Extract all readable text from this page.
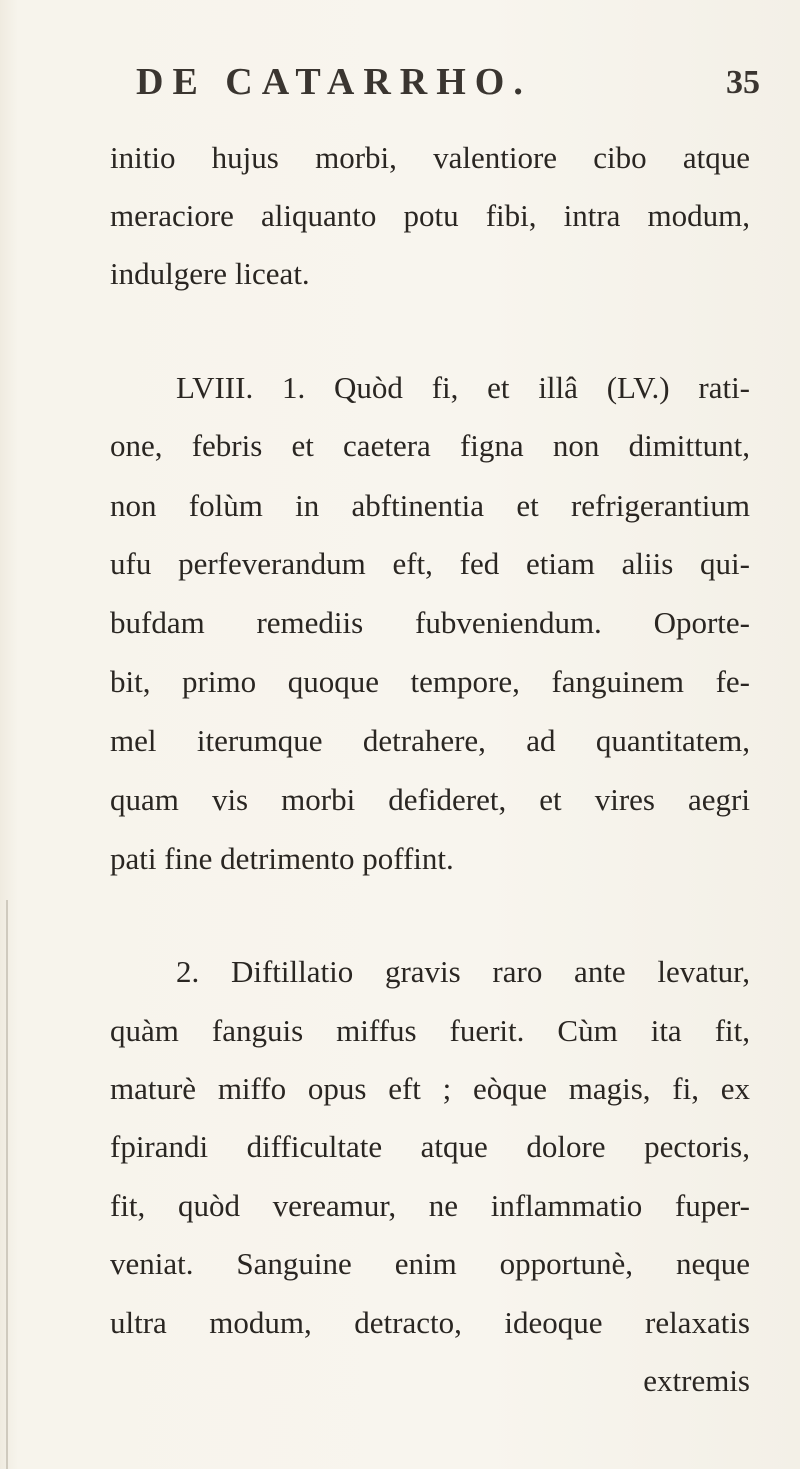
DE CATARRHO.	35
initio hujus morbi, valentiore cibo atque
meraciore aliquanto potu fibi, intra modum,
indulgere liceat.
LVIII. 1. Quòd fi, et illâ (LV.) rati-
one, febris et caetera figna non dimittunt,
non folùm in abftinentia et refrigerantium
ufu perfeverandum eft, fed etiam aliis qui-
bufdam remediis fubveniendum. Oporte-
bit, primo quoque tempore, fanguinem fe-
mel iterumque detrahere, ad quantitatem,
quam vis morbi defideret, et vires aegri
pati fine detrimento poffint.
2. Diftillatio gravis raro ante levatur,
quàm fanguis miffus fuerit. Cùm ita fit,
maturè miffo opus eft ; eòque magis, fi, ex
fpirandi difficultate atque dolore pectoris,
fit, quòd vereamur, ne inflammatio fuper-
veniat. Sanguine enim opportunè, neque
ultra modum, detracto, ideoque relaxatis
extremis
